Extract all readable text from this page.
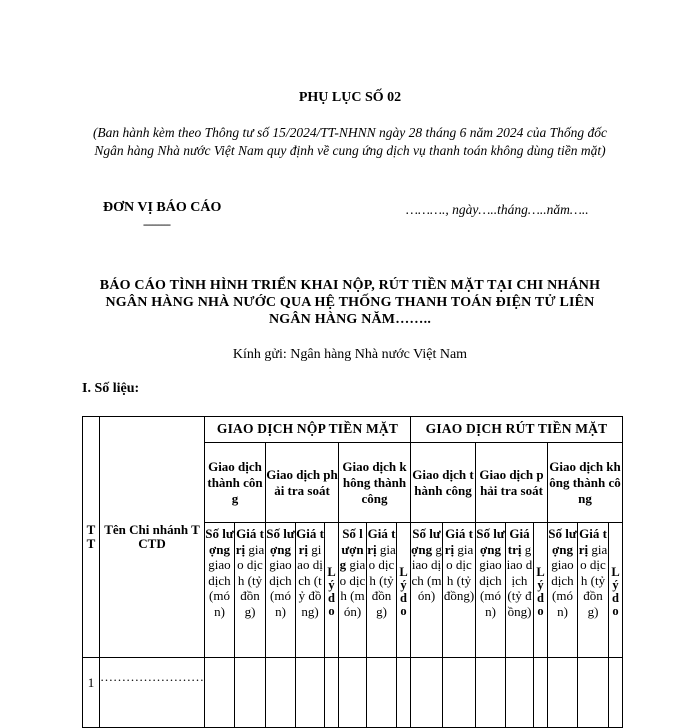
PHỤ LỤC SỐ 02
(Ban hành kèm theo Thông tư số 15/2024/TT-NHNN ngày 28 tháng 6 năm 2024 của Thống đốc Ngân hàng Nhà nước Việt Nam quy định về cung ứng dịch vụ thanh toán không dùng tiền mặt)
ĐƠN VỊ BÁO CÁO
---------
………., ngày…..tháng…..năm…..
BÁO CÁO TÌNH HÌNH TRIỂN KHAI NỘP, RÚT TIỀN MẶT TẠI CHI NHÁNH NGÂN HÀNG NHÀ NƯỚC QUA HỆ THỐNG THANH TOÁN ĐIỆN TỬ LIÊN NGÂN HÀNG NĂM……..
Kính gửi: Ngân hàng Nhà nước Việt Nam
I. Số liệu:
TT	Tên Chi nhánh TCTD	GIAO DỊCH NỘP TIỀN MẶT								GIAO DỊCH RÚT TIỀN MẶT							
		Giao dịch thành công		Giao dịch phải tra soát			Giao dịch không thành công			Giao dịch thành công		Giao dịch phải tra soát			Giao dịch không thành công		
		Số lượng giao dịch (món)	Giá trị giao dịch (tỷ đồng)	Số lượng giao dịch (món)	Giá trị giao dịch (tỷ đồng)	Lý do	Số lượng giao dịch (món)	Giá trị giao dịch (tỷ đồng)	Lý do	Số lượng giao dịch (món)	Giá trị giao dịch (tỷ đồng)	Số lượng giao dịch (món)	Giá trị giao dịch (tỷ đồng)	Lý do	Số lượng giao dịch (món)	Giá trị giao dịch (tỷ đồng)	Lý do
1	……………………																
